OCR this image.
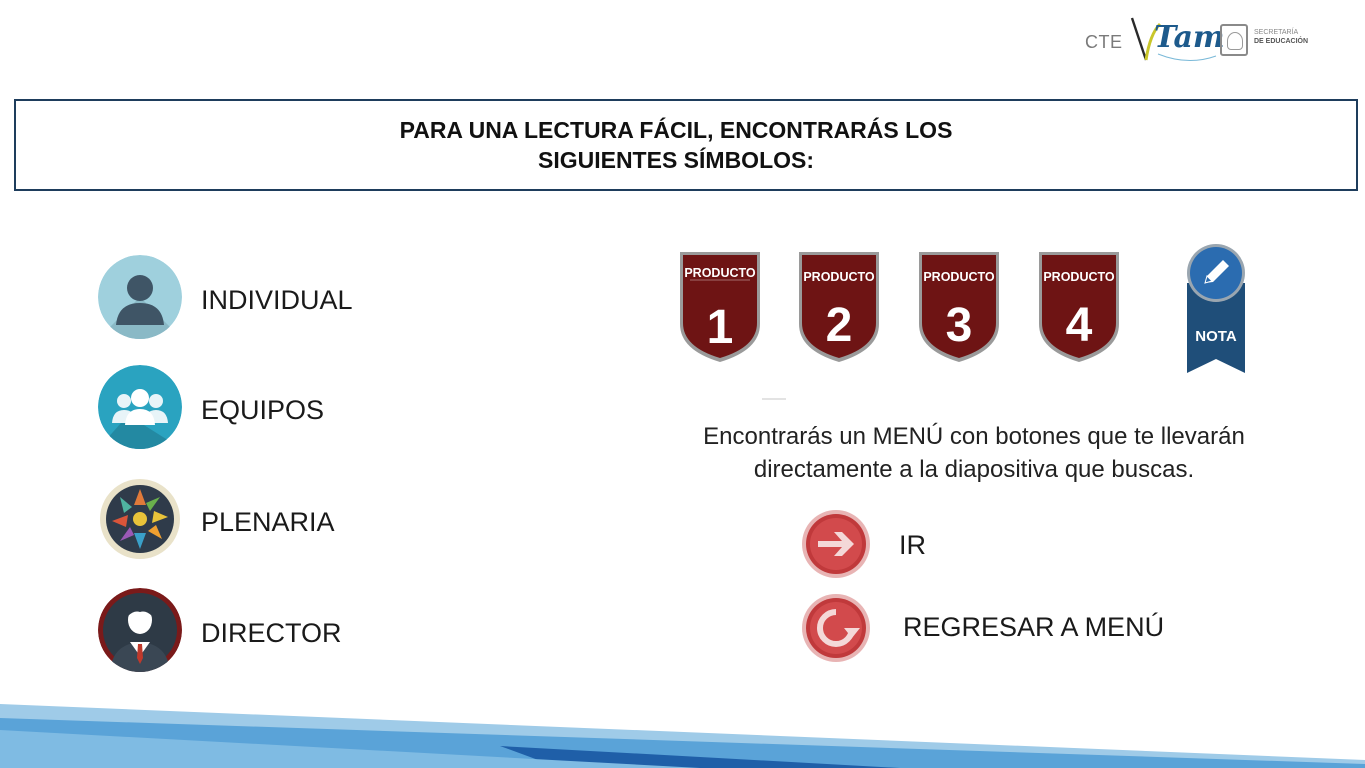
CTE Tam	SECRETARÍA
DE EDUCACIÓN
PARA UNA LECTURA FÁCIL, ENCONTRARÁS LOS
SIGUIENTES SÍMBOLOS:
INDIVIDUAL
EQUIPOS
PLENARIA
DIRECTOR
PRODUCTO
1
PRODUCTO
2
PRODUCTO
3
PRODUCTO
4	NOTA
Encontrarás un MENÚ con botones que te llevarán directamente a la diapositiva que buscas.
IR
REGRESAR A MENÚ
